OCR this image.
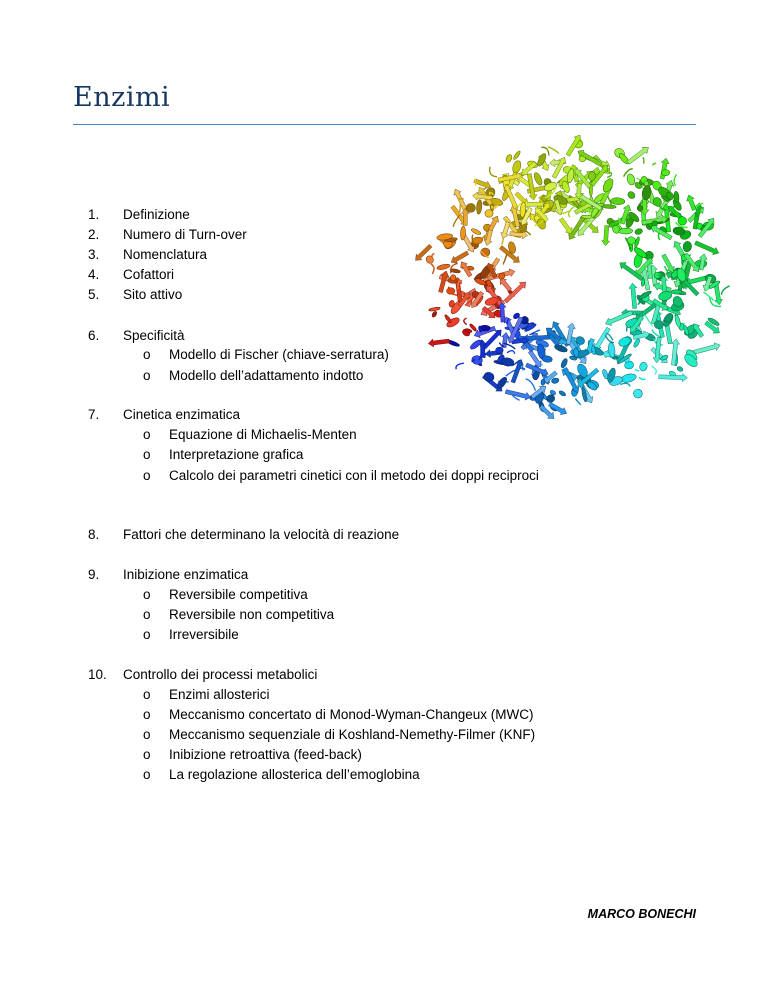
Enzimi
1. Definizione
2. Numero di Turn-over
3. Nomenclatura
4. Cofattori
5. Sito attivo
6. Specificità
o Modello di Fischer (chiave-serratura)
o Modello dell’adattamento indotto
7. Cinetica enzimatica
o Equazione di Michaelis-Menten
o Interpretazione grafica
o Calcolo dei parametri cinetici con il metodo dei doppi reciproci
8. Fattori che determinano la velocità di reazione
9. Inibizione enzimatica
o Reversibile competitiva
o Reversibile non competitiva
o Irreversibile
10. Controllo dei processi metabolici
o Enzimi allosterici
o Meccanismo concertato di Monod-Wyman-Changeux (MWC)
o Meccanismo sequenziale di Koshland-Nemethy-Filmer (KNF)
o Inibizione retroattiva (feed-back)
o La regolazione allosterica dell’emoglobina

MARCO BONECHI
